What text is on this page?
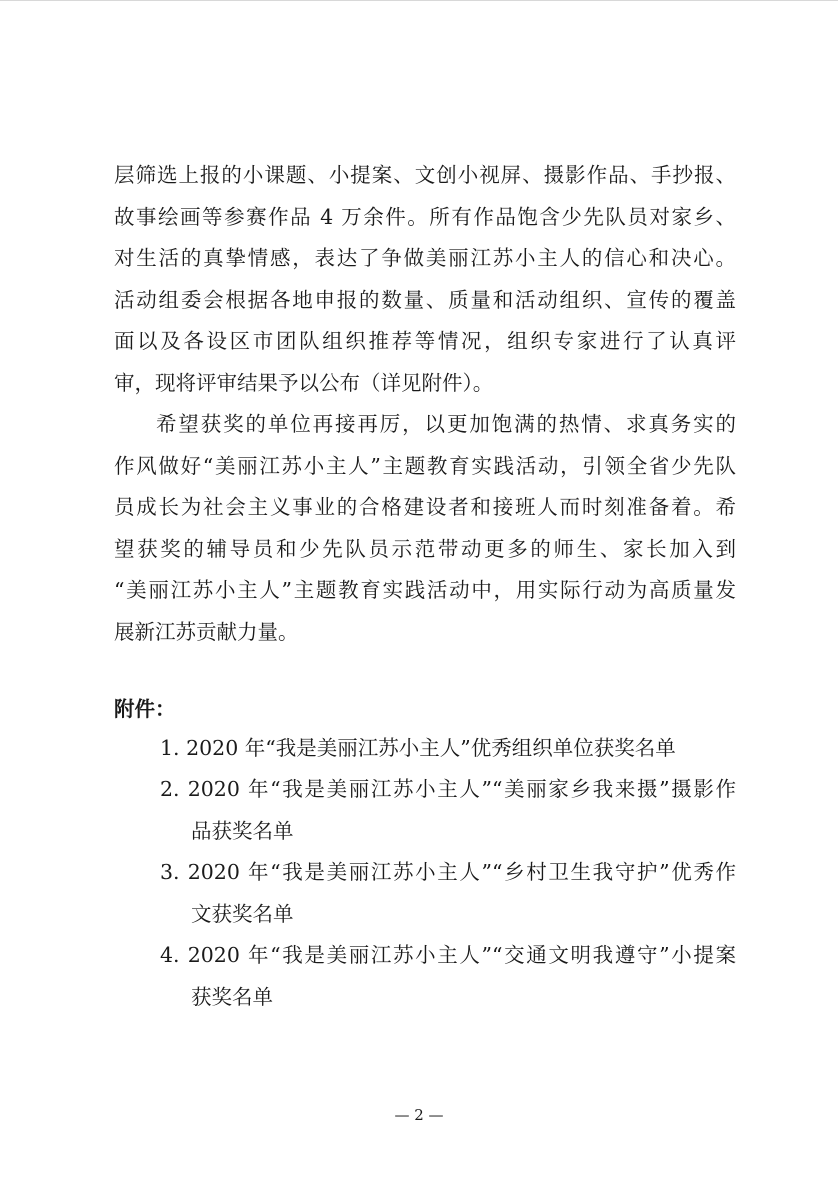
层筛选上报的小课题、小提案、文创小视屏、摄影作品、手抄报、
故事绘画等参赛作品 4 万余件。所有作品饱含少先队员对家乡、
对生活的真挚情感，表达了争做美丽江苏小主人的信心和决心。
活动组委会根据各地申报的数量、质量和活动组织、宣传的覆盖
面以及各设区市团队组织推荐等情况，组织专家进行了认真评
审，现将评审结果予以公布（详见附件）。
希望获奖的单位再接再厉，以更加饱满的热情、求真务实的
作风做好“美丽江苏小主人”主题教育实践活动，引领全省少先队
员成长为社会主义事业的合格建设者和接班人而时刻准备着。希
望获奖的辅导员和少先队员示范带动更多的师生、家长加入到
“美丽江苏小主人”主题教育实践活动中，用实际行动为高质量发
展新江苏贡献力量。
附件：
1. 2020 年“我是美丽江苏小主人”优秀组织单位获奖名单
2. 2020 年“我是美丽江苏小主人”“美丽家乡我来摄”摄影作
品获奖名单
3. 2020 年“我是美丽江苏小主人”“乡村卫生我守护”优秀作
文获奖名单
4. 2020 年“我是美丽江苏小主人”“交通文明我遵守”小提案
获奖名单
— 2 —
